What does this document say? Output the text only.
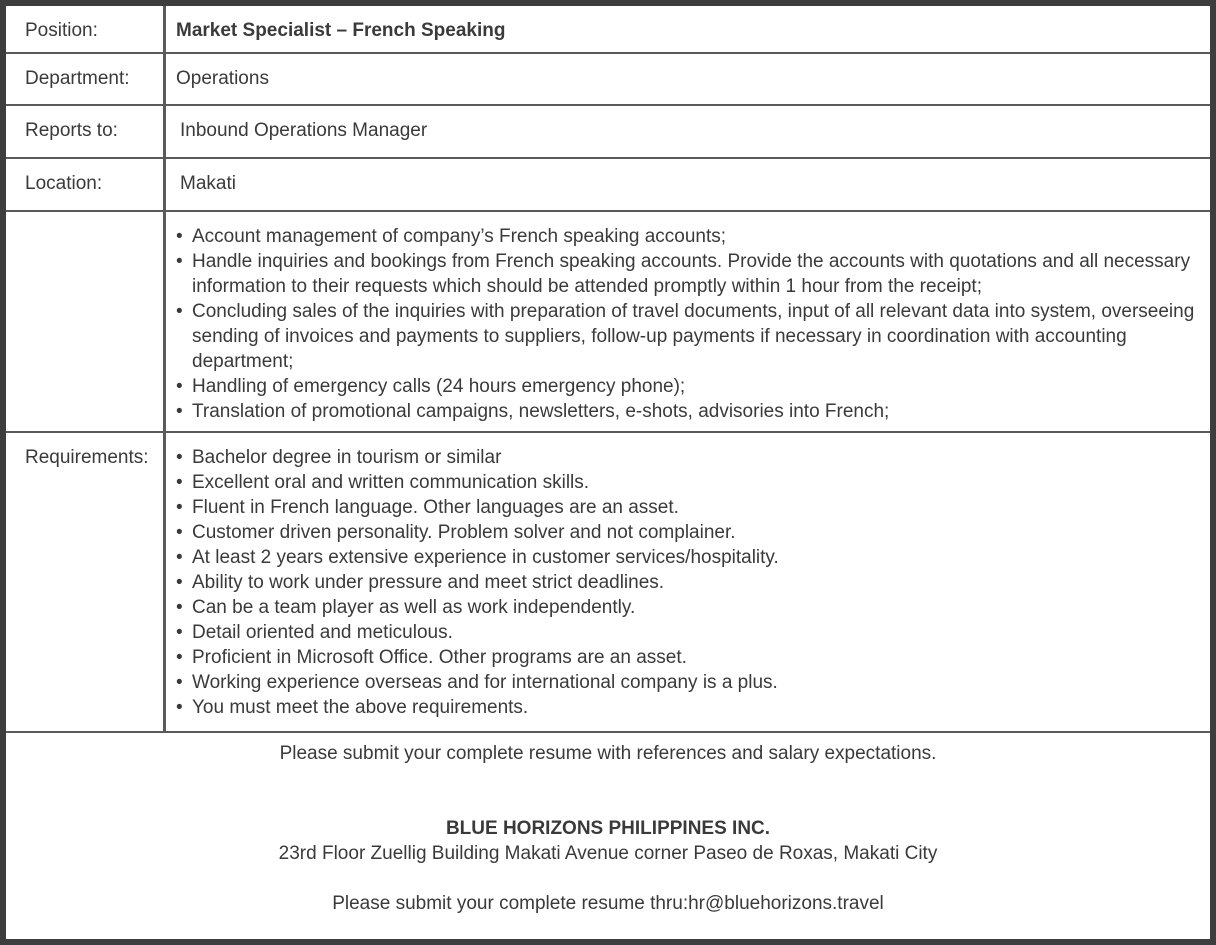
Position:	Market Specialist – French Speaking
Department:	Operations
Reports to:	Inbound Operations Manager
Location:	Makati
• Account management of company’s French speaking accounts;
• Handle inquiries and bookings from French speaking accounts. Provide the accounts with quotations and all necessary information to their requests which should be attended promptly within 1 hour from the receipt;
• Concluding sales of the inquiries with preparation of travel documents, input of all relevant data into system, overseeing sending of invoices and payments to suppliers, follow-up payments if necessary in coordination with accounting department;
• Handling of emergency calls (24 hours emergency phone);
• Translation of promotional campaigns, newsletters, e-shots, advisories into French;
Requirements:
•	Bachelor degree in tourism or similar
• Excellent oral and written communication skills.
• Fluent in French language. Other languages are an asset.
• Customer driven personality. Problem solver and not complainer.
• At least 2 years extensive experience in customer services/hospitality.
• Ability to work under pressure and meet strict deadlines.
• Can be a team player as well as work independently.
• Detail oriented and meticulous.
• Proficient in Microsoft Office. Other programs are an asset.
• Working experience overseas and for international company is a plus.
• You must meet the above requirements.
Please submit your complete resume with references and salary expectations.
BLUE HORIZONS PHILIPPINES INC.
23rd Floor Zuellig Building Makati Avenue corner Paseo de Roxas, Makati City
Please submit your complete resume thru:hr@bluehorizons.travel
